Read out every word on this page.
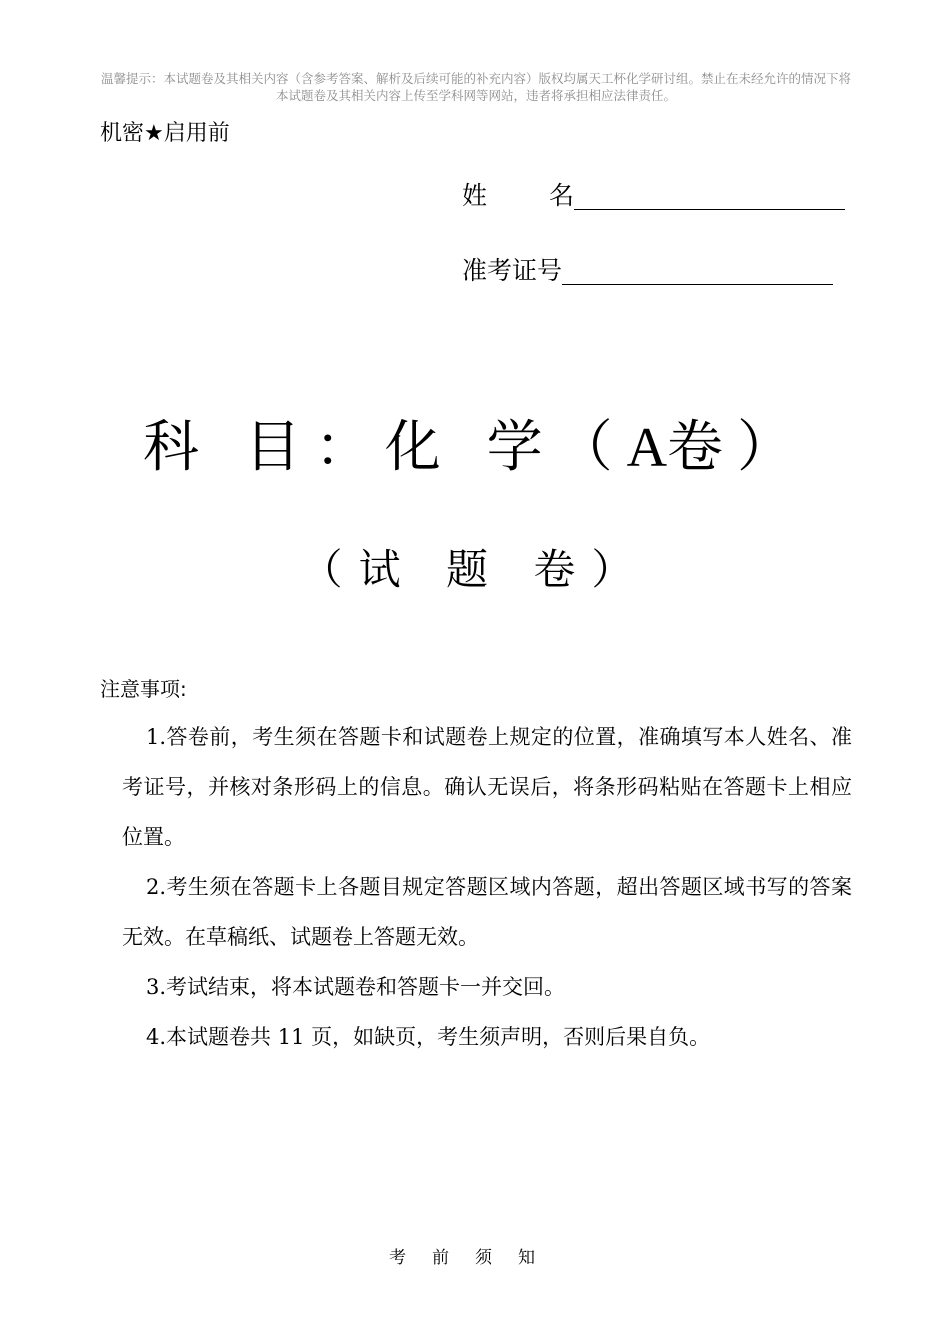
温馨提示：本试题卷及其相关内容（含参考答案、解析及后续可能的补充内容）版权均属天工杯化学研讨组。禁止在未经允许的情况下将本试题卷及其相关内容上传至学科网等网站，违者将承担相应法律责任。
机密★启用前
姓 名
准考证号
科 目：化 学（A卷）
（试 题 卷）
注意事项:

1.答卷前，考生须在答题卡和试题卷上规定的位置，准确填写本人姓名、准考证号，并核对条形码上的信息。确认无误后，将条形码粘贴在答题卡上相应位置。

2.考生须在答题卡上各题目规定答题区域内答题，超出答题区域书写的答案无效。在草稿纸、试题卷上答题无效。

3.考试结束，将本试题卷和答题卡一并交回。

4.本试题卷共 11 页，如缺页，考生须声明，否则后果自负。

考前须知
